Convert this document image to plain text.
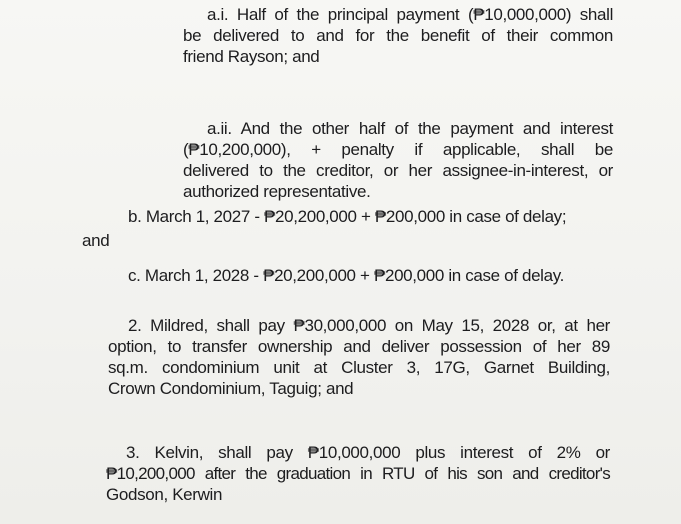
a.i. Half of the principal payment (₱10,000,000) shall
be delivered to and for the benefit of their common
friend Rayson; and
a.ii. And the other half of the payment and interest
(₱10,200,000), + penalty if applicable, shall be
delivered to the creditor, or her assignee-in-interest, or
authorized representative.

b. March 1, 2027 - ₱20,200,000 + ₱200,000 in case of delay;

and

c. March 1, 2028 - ₱20,200,000 + ₱200,000 in case of delay.

2. Mildred, shall pay ₱30,000,000 on May 15, 2028 or, at her
option, to transfer ownership and deliver possession of her 89
sq.m. condominium unit at Cluster 3, 17G, Garnet Building,
Crown Condominium, Taguig; and
3. Kelvin, shall pay ₱10,000,000 plus interest of 2% or
₱10,200,000 after the graduation in RTU of his son and creditor's
Godson, Kerwin
